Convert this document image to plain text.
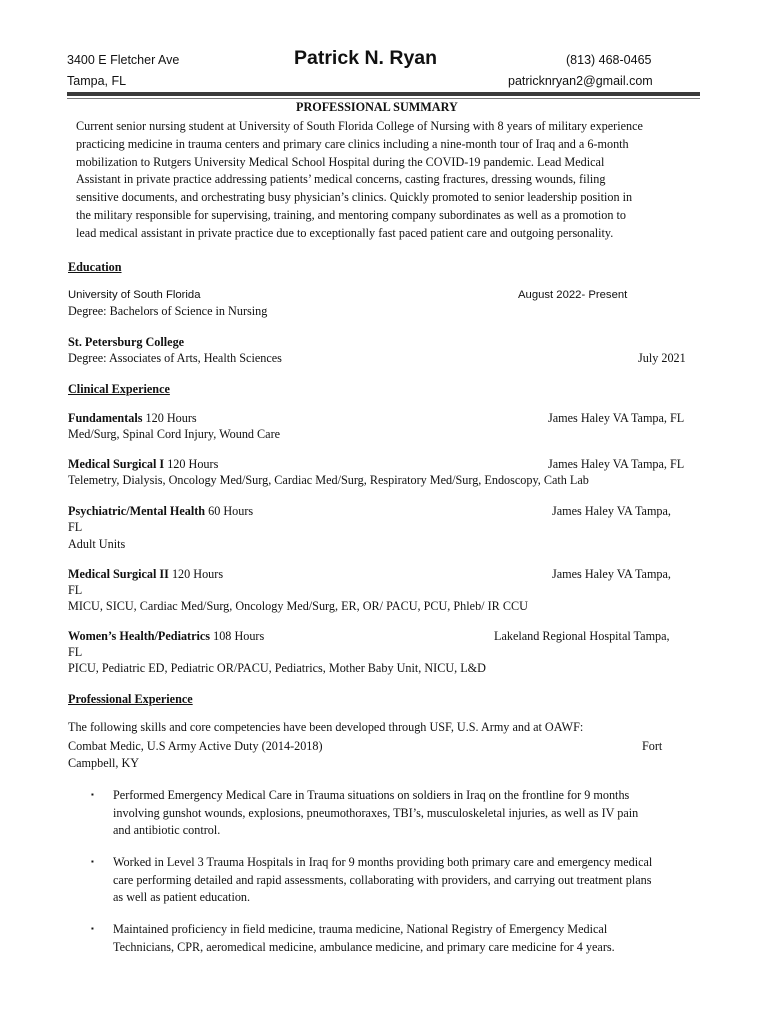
3400 E Fletcher Ave
Tampa, FL
Patrick N. Ryan	(813) 468-0465
patricknryan2@gmail.com
PROFESSIONAL SUMMARY
Current senior nursing student at University of South Florida College of Nursing with 8 years of military experience
practicing medicine in trauma centers and primary care clinics including a nine-month tour of Iraq and a 6-month
mobilization to Rutgers University Medical School Hospital during the COVID-19 pandemic. Lead Medical
Assistant in private practice addressing patients’ medical concerns, casting fractures, dressing wounds, filing
sensitive documents, and orchestrating busy physician’s clinics. Quickly promoted to senior leadership position in
the military responsible for supervising, training, and mentoring company subordinates as well as a promotion to
lead medical assistant in private practice due to exceptionally fast paced patient care and outgoing personality.
Education
University of South Florida	August 2022- Present
Degree: Bachelors of Science in Nursing
St. Petersburg College
July 2021
Degree: Associates of Arts, Health Sciences
Clinical Experience
Fundamentals 120 Hours	James Haley VA Tampa, FL
Med/Surg, Spinal Cord Injury, Wound Care
Medical Surgical I 120 Hours	James Haley VA Tampa, FL
Telemetry, Dialysis, Oncology Med/Surg, Cardiac Med/Surg, Respiratory Med/Surg, Endoscopy, Cath Lab
Psychiatric/Mental Health 60 Hours	James Haley VA Tampa,
FL
Adult Units
Medical Surgical II 120 Hours	James Haley VA Tampa,
FL
MICU, SICU, Cardiac Med/Surg, Oncology Med/Surg, ER, OR/ PACU, PCU, Phleb/ IR CCU
Women’s Health/Pediatrics 108 Hours	Lakeland Regional Hospital Tampa,
FL
PICU, Pediatric ED, Pediatric OR/PACU, Pediatrics, Mother Baby Unit, NICU, L&D
Professional Experience
The following skills and core competencies have been developed through USF, U.S. Army and at OAWF:
Combat Medic, U.S Army Active Duty (2014-2018)	Fort
Campbell, KY
▪ Performed Emergency Medical Care in Trauma situations on soldiers in Iraq on the frontline for 9 months
involving gunshot wounds, explosions, pneumothoraxes, TBI’s, musculoskeletal injuries, as well as IV pain
and antibiotic control.
▪ Worked in Level 3 Trauma Hospitals in Iraq for 9 months providing both primary care and emergency medical
care performing detailed and rapid assessments, collaborating with providers, and carrying out treatment plans
as well as patient education.
▪ Maintained proficiency in field medicine, trauma medicine, National Registry of Emergency Medical
Technicians, CPR, aeromedical medicine, ambulance medicine, and primary care medicine for 4 years.
